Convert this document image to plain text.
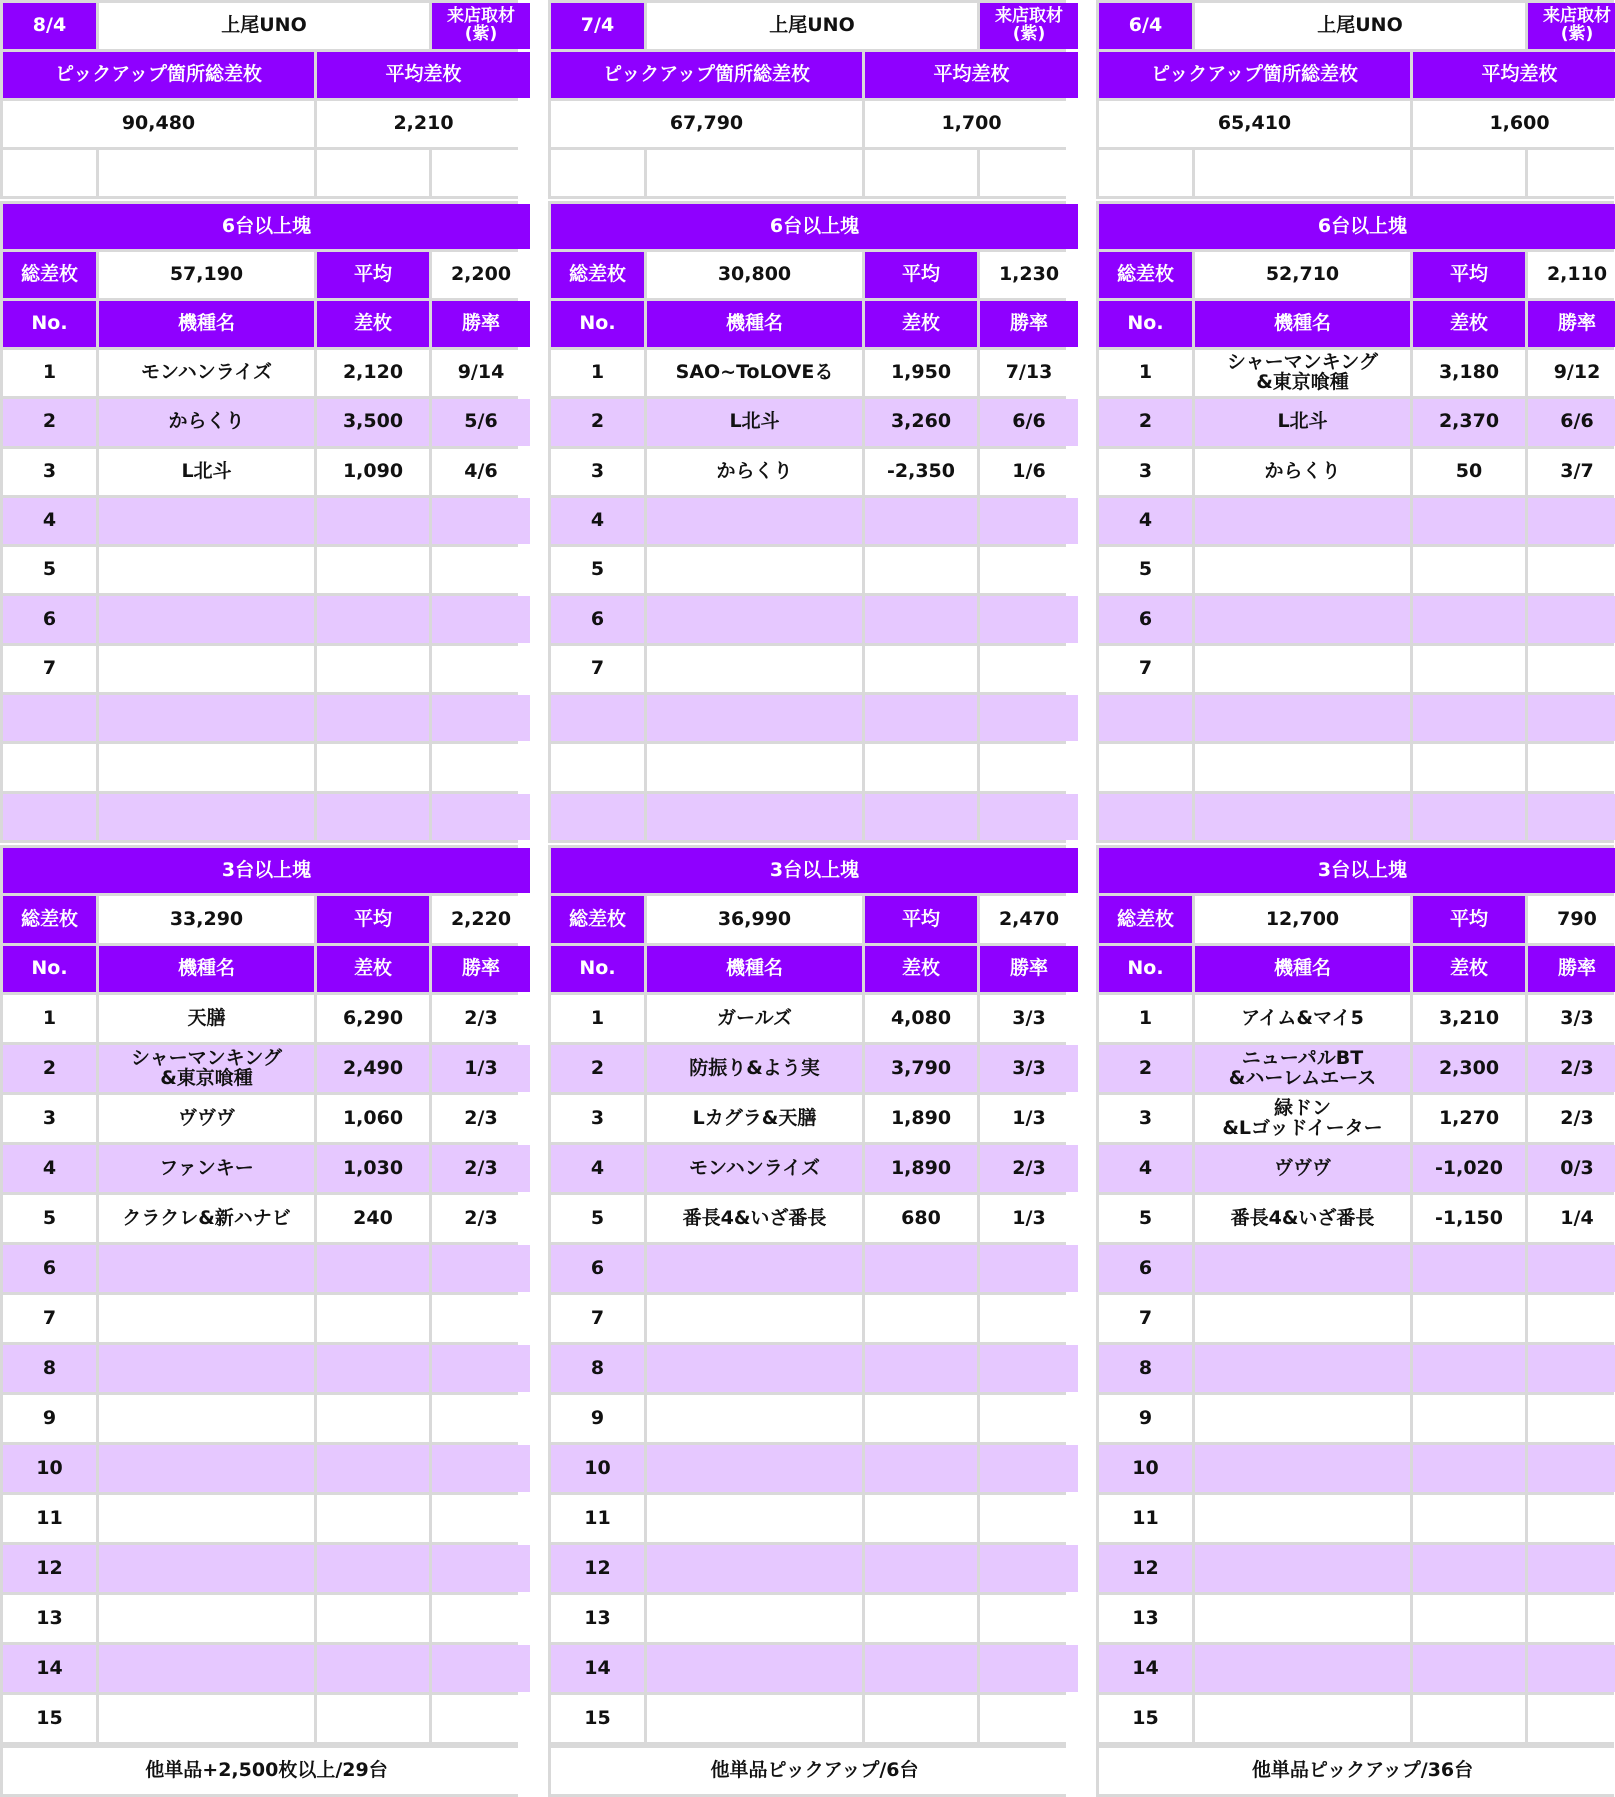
8/4	上尾UNO	来店取材
(紫)
ピックアップ箇所総差枚	平均差枚
90,480	2,210
6台以上塊
総差枚	57,190	平均	2,200
No.	機種名	差枚	勝率
1	モンハンライズ	2,120	9/14
2	からくり	3,500	5/6
3	L北斗	1,090	4/6
4
5
6
7
3台以上塊
総差枚	33,290	平均	2,220
No.	機種名	差枚	勝率
1	天膳	6,290	2/3
2	シャーマンキング
&東京喰種	2,490	1/3
3	ヴヴヴ	1,060	2/3
4	ファンキー	1,030	2/3
5	クラクレ&新ハナビ	240	2/3
6
7
8
9
10
11
12
13
14
15
他単品+2,500枚以上/29台
7/4	上尾UNO	来店取材
(紫)
ピックアップ箇所総差枚	平均差枚
67,790	1,700
6台以上塊
総差枚	30,800	平均	1,230
No.	機種名	差枚	勝率
1	SAO~ToLOVEる	1,950	7/13
2	L北斗	3,260	6/6
3	からくり	-2,350	1/6
4
5
6
7
3台以上塊
総差枚	36,990	平均	2,470
No.	機種名	差枚	勝率
1	ガールズ	4,080	3/3
2	防振り&よう実	3,790	3/3
3	Lカグラ&天膳	1,890	1/3
4	モンハンライズ	1,890	2/3
5	番長4&いざ番長	680	1/3
6
7
8
9
10
11
12
13
14
15
他単品ピックアップ/6台
6/4	上尾UNO	来店取材
(紫)
ピックアップ箇所総差枚	平均差枚
65,410	1,600
6台以上塊
総差枚	52,710	平均	2,110
No.	機種名	差枚	勝率
1	シャーマンキング
&東京喰種	3,180	9/12
2	L北斗	2,370	6/6
3	からくり	50	3/7
4
5
6
7
3台以上塊
総差枚	12,700	平均	790
No.	機種名	差枚	勝率
1	アイム&マイ5	3,210	3/3
2	ニューパルBT
&ハーレムエース	2,300	2/3
3	緑ドン
&Lゴッドイーター	1,270	2/3
4	ヴヴヴ	-1,020	0/3
5	番長4&いざ番長	-1,150	1/4
6
7
8
9
10
11
12
13
14
15
他単品ピックアップ/36台
